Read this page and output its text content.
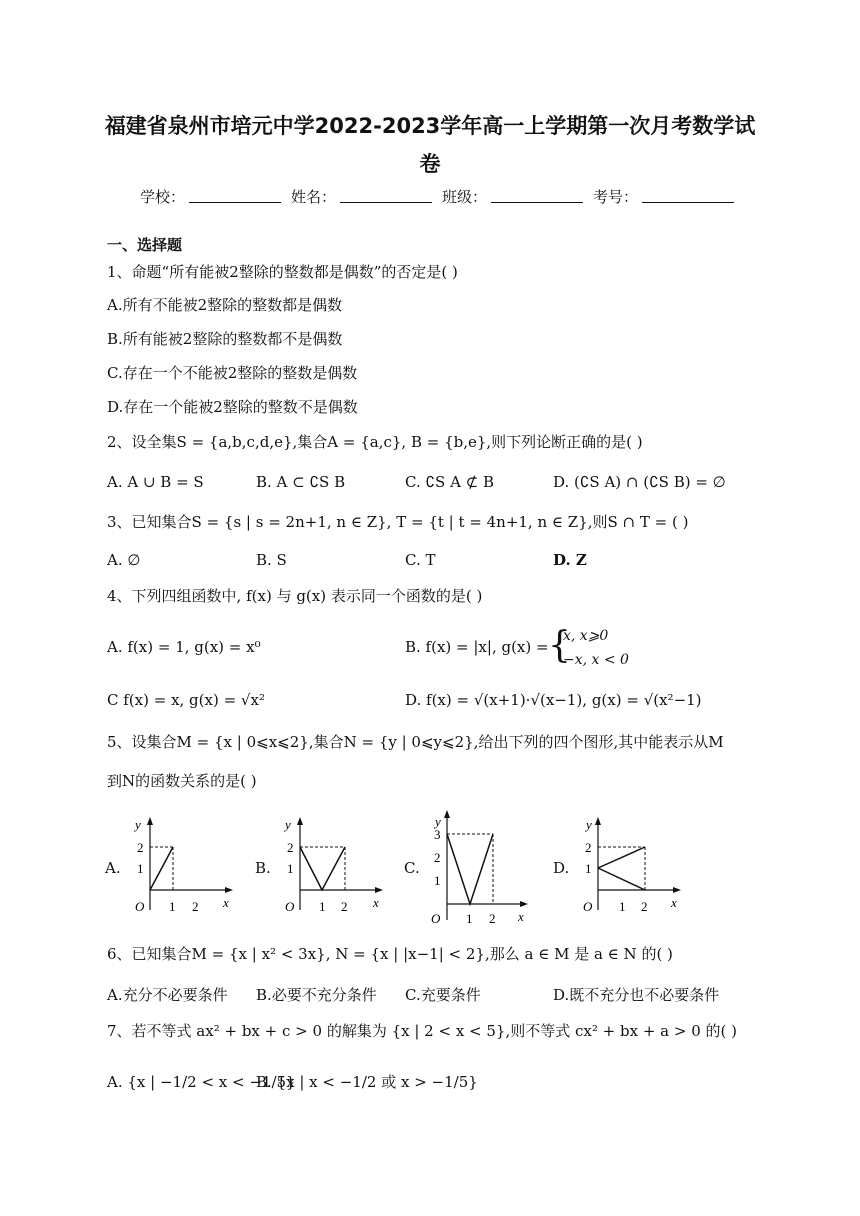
福建省泉州市培元中学2022-2023学年高一上学期第一次月考数学试
卷
学校：	姓名：	班级：	考号：
一、选择题
1、命题“所有能被2整除的整数都是偶数”的否定是( )
A.所有不能被2整除的整数都是偶数
B.所有能被2整除的整数都不是偶数
C.存在一个不能被2整除的整数是偶数
D.存在一个能被2整除的整数不是偶数
2、设全集S = {a,b,c,d,e},集合A = {a,c}, B = {b,e},则下列论断正确的是( )
A. A ∪ B = S	B. A ⊂ ∁S B	C. ∁S A ⊄ B	D. (∁S A) ∩ (∁S B) = ∅
3、已知集合S = {s | s = 2n+1, n ∈ Z}, T = {t | t = 4n+1, n ∈ Z},则S ∩ T = ( )
A. ∅	B. S	C. T	D. Z
4、下列四组函数中, f(x) 与 g(x) 表示同一个函数的是( )
A. f(x) = 1, g(x) = x⁰	B. f(x) = |x|, g(x) = {
x, x⩾0
−x, x < 0
C f(x) = x, g(x) = √x²	D. f(x) = √(x+1)·√(x−1), g(x) = √(x²−1)
5、设集合M = {x | 0⩽x⩽2},集合N = {y | 0⩽y⩽2},给出下列的四个图形,其中能表示从M
到N的函数关系的是( )
A.	B.	C.	D.
y
x
O
2
1
1 2
y
x
O
2
1
1 2
y
x
O
3
2
1
1 2
y
x
O
2
1
1 2
6、已知集合M = {x | x² < 3x}, N = {x | |x−1| < 2},那么 a ∈ M 是 a ∈ N 的( )
A.充分不必要条件 B.必要不充分条件 C.充要条件	D.既不充分也不必要条件
7、若不等式 ax² + bx + c > 0 的解集为 {x | 2 < x < 5},则不等式 cx² + bx + a > 0 的( )
A. {x | −1/2 < x < −1/5}
B. {x | x < −1/2 或 x > −1/5}
